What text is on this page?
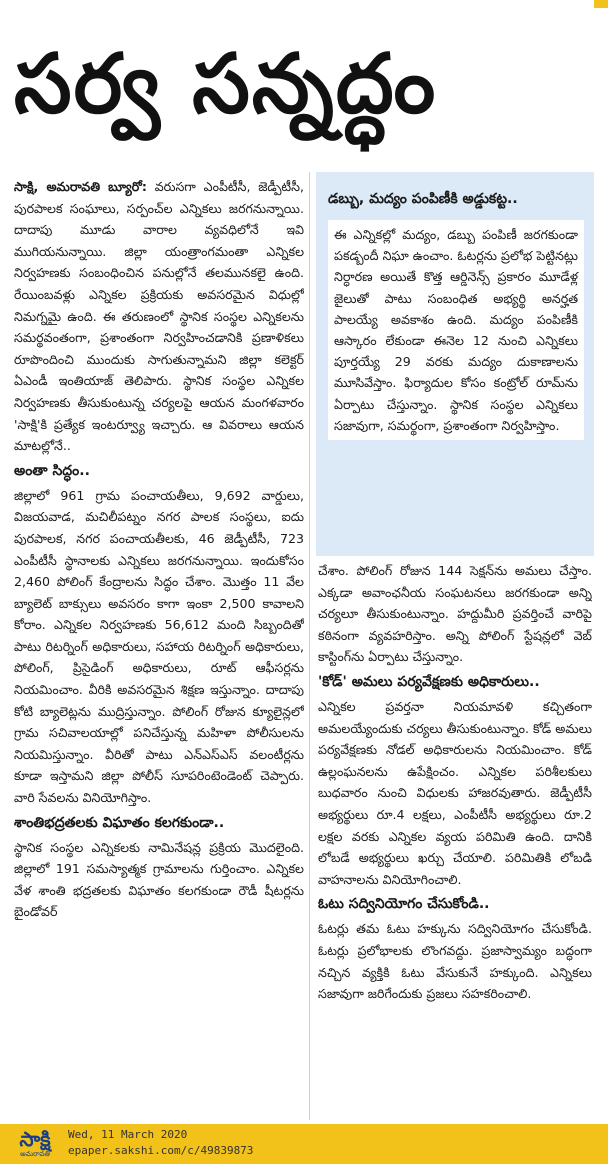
సర్వ సన్నద్ధం

సాక్షి, అమరావతి బ్యూరో: వరుసగా ఎంపీటీసీ, జెడ్పీటీసీ, పురపాలక సంఘాలు, సర్పంచ్‌ల ఎన్నికలు జరగనున్నాయి. దాదాపు మూడు వారాల వ్యవధిలోనే ఇవి ముగియనున్నాయి. జిల్లా యంత్రాంగమంతా ఎన్నికల నిర్వహణకు సంబంధించిన పనుల్లోనే తలమునకలై ఉంది. రేయింబవళ్లు ఎన్నికల ప్రక్రియకు అవసరమైన విధుల్లో నిమగ్నమై ఉంది. ఈ తరుణంలో స్థానిక సంస్థల ఎన్నికలను సమర్థవంతంగా, ప్రశాంతంగా నిర్వహించడానికి ప్రణాళికలు రూపొందించి ముందుకు సాగుతున్నామని జిల్లా కలెక్టర్ ఏఎండీ ఇంతియాజ్ తెలిపారు. స్థానిక సంస్థల ఎన్నికల నిర్వహణకు తీసుకుంటున్న చర్యలపై ఆయన మంగళవారం 'సాక్షి'కి ప్రత్యేక ఇంటర్వ్యూ ఇచ్చారు. ఆ వివరాలు ఆయన మాటల్లోనే..

అంతా సిద్ధం..

జిల్లాలో 961 గ్రామ పంచాయతీలు, 9,692 వార్డులు, విజయవాడ, మచిలీపట్నం నగర పాలక సంస్థలు, ఐదు పురపాలక, నగర పంచాయతీలకు, 46 జెడ్పీటీసీ, 723 ఎంపీటీసీ స్థానాలకు ఎన్నికలు జరగనున్నాయి. ఇందుకోసం 2,460 పోలింగ్ కేంద్రాలను సిద్ధం చేశాం. మొత్తం 11 వేల బ్యాలెట్ బాక్సులు అవసరం కాగా ఇంకా 2,500 కావాలని కోరాం. ఎన్నికల నిర్వహణకు 56,612 మంది సిబ్బందితో పాటు రిటర్నింగ్ అధికారులు, సహాయ రిటర్నింగ్ అధికారులు, పోలింగ్, ప్రిసైడింగ్ అధికారులు, రూట్ ఆఫీసర్లను నియమించాం. వీరికి అవసరమైన శిక్షణ ఇస్తున్నాం. దాదాపు కోటి బ్యాలెట్లను ముద్రిస్తున్నాం. పోలింగ్ రోజున క్యూలైన్లలో గ్రామ సచివాలయాల్లో పనిచేస్తున్న మహిళా పోలీసులను నియమిస్తున్నాం. వీరితో పాటు ఎన్ఎస్ఎస్ వలంటీర్లను కూడా ఇస్తామని జిల్లా పోలీస్ సూపరింటెండెంట్ చెప్పారు. వారి సేవలను వినియోగిస్తాం.

శాంతిభద్రతలకు విఘాతం కలగకుండా..

స్థానిక సంస్థల ఎన్నికలకు నామినేషన్ల ప్రక్రియ మొదలైంది. జిల్లాలో 191 సమస్యాత్మక గ్రామాలను గుర్తించాం. ఎన్నికల వేళ శాంతి భద్రతలకు విఘాతం కలగకుండా రౌడీ షీటర్లను బైండోవర్

డబ్బు, మద్యం పంపిణీకి అడ్డుకట్ట..
ఈ ఎన్నికల్లో మద్యం, డబ్బు పంపిణీ జరగకుండా పకడ్బందీ నిఘా ఉంచాం. ఓటర్లను ప్రలోభ పెట్టినట్లు నిర్ధారణ అయితే కొత్త ఆర్డినెన్స్ ప్రకారం మూడేళ్ల జైలుతో పాటు సంబంధిత అభ్యర్థి అనర్హత పాలయ్యే అవకాశం ఉంది. మద్యం పంపిణీకి ఆస్కారం లేకుండా ఈనెల 12 నుంచి ఎన్నికలు పూర్తయ్యే 29 వరకు మద్యం దుకాణాలను మూసివేస్తాం. ఫిర్యాదుల కోసం కంట్రోల్ రూమ్‌ను ఏర్పాటు చేస్తున్నాం. స్థానిక సంస్థల ఎన్నికలు సజావుగా, సమర్థంగా, ప్రశాంతంగా నిర్వహిస్తాం.

చేశాం. పోలింగ్ రోజున 144 సెక్షన్‌ను అమలు చేస్తాం. ఎక్కడా అవాంఛనీయ సంఘటనలు జరగకుండా అన్ని చర్యలూ తీసుకుంటున్నాం. హద్దుమీరి ప్రవర్తించే వారిపై కఠినంగా వ్యవహరిస్తాం. అన్ని పోలింగ్ స్టేషన్లలో వెబ్ కాస్టింగ్‌ను ఏర్పాటు చేస్తున్నాం.

'కోడ్' అమలు పర్యవేక్షణకు అధికారులు..

ఎన్నికల ప్రవర్తనా నియమావళి కచ్చితంగా అమలయ్యేందుకు చర్యలు తీసుకుంటున్నాం. కోడ్ అమలు పర్యవేక్షణకు నోడల్ అధికారులను నియమించాం. కోడ్ ఉల్లంఘనలను ఉపేక్షించం. ఎన్నికల పరిశీలకులు బుధవారం నుంచి విధులకు హాజరవుతారు. జెడ్పీటీసీ అభ్యర్థులు రూ.4 లక్షలు, ఎంపీటీసీ అభ్యర్థులు రూ.2 లక్షల వరకు ఎన్నికల వ్యయ పరిమితి ఉంది. దానికి లోబడే అభ్యర్థులు ఖర్చు చేయాలి. పరిమితికి లోబడి వాహనాలను వినియోగించాలి.

ఓటు సద్వినియోగం చేసుకోండి..

ఓటర్లు తమ ఓటు హక్కును సద్వినియోగం చేసుకోండి. ఓటర్లు ప్రలోభాలకు లొంగవద్దు. ప్రజాస్వామ్యం బద్ధంగా నచ్చిన వ్యక్తికి ఓటు వేసుకునే హక్కుంది. ఎన్నికలు సజావుగా జరిగేందుకు ప్రజలు సహకరించాలి.

సాక్షి
అమరావతి
Wed, 11 March 2020
epaper.sakshi.com/c/49839873
